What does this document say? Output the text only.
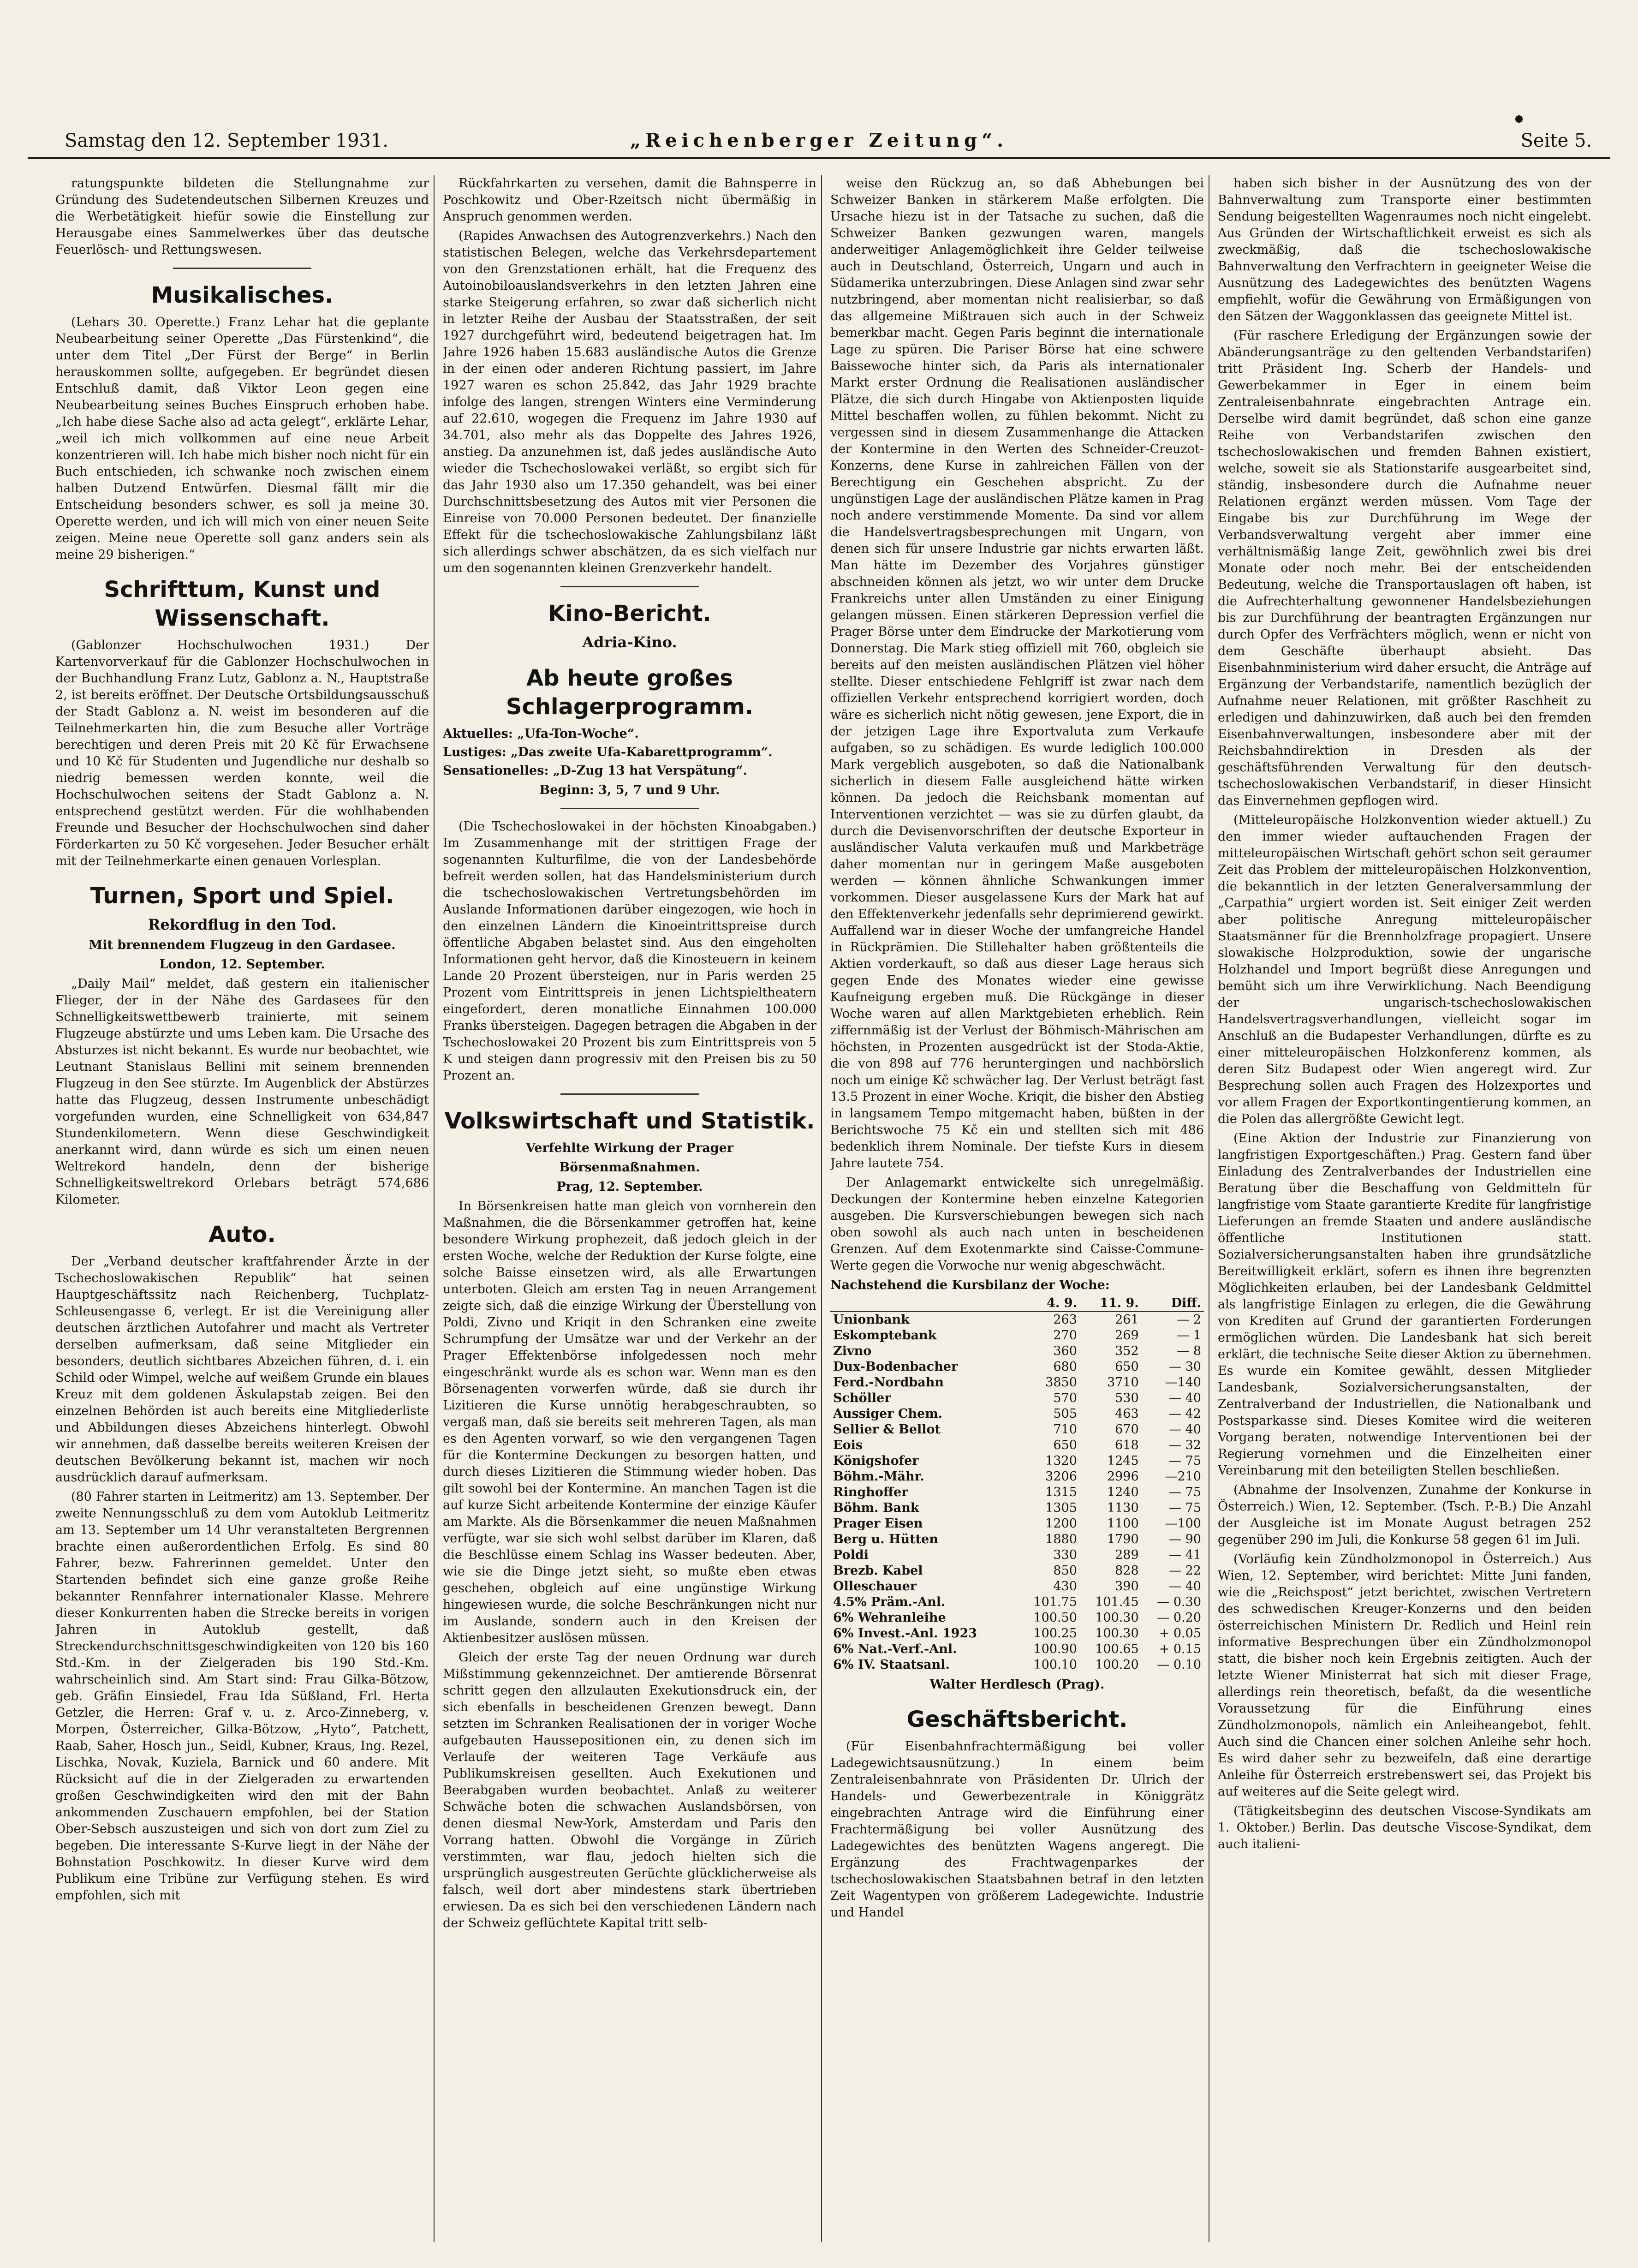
Samstag den 12. September 1931.	„Reichenberger Zeitung“.	Seite 5.

ratungspunkte bildeten die Stellungnahme zur Gründung des Sudetendeutschen Silbernen Kreuzes und die Werbetätigkeit hiefür sowie die Einstellung zur Herausgabe eines Sammelwerkes über das deutsche Feuerlösch- und Rettungswesen.

Musikalisches.

(Lehars 30. Operette.) Franz Lehar hat die geplante Neubearbeitung seiner Operette „Das Fürstenkind“, die unter dem Titel „Der Fürst der Berge“ in Berlin herauskommen sollte, aufgegeben. Er begründet diesen Entschluß damit, daß Viktor Leon gegen eine Neubearbeitung seines Buches Einspruch erhoben habe. „Ich habe diese Sache also ad acta gelegt“, erklärte Lehar, „weil ich mich vollkommen auf eine neue Arbeit konzentrieren will. Ich habe mich bisher noch nicht für ein Buch entschieden, ich schwanke noch zwischen einem halben Dutzend Entwürfen. Diesmal fällt mir die Entscheidung besonders schwer, es soll ja meine 30. Operette werden, und ich will mich von einer neuen Seite zeigen. Meine neue Operette soll ganz anders sein als meine 29 bisherigen.“

Schrifttum, Kunst und Wissenschaft.

(Gablonzer Hochschulwochen 1931.) Der Kartenvorverkauf für die Gablonzer Hochschulwochen in der Buchhandlung Franz Lutz, Gablonz a. N., Hauptstraße 2, ist bereits eröffnet. Der Deutsche Ortsbildungsausschuß der Stadt Gablonz a. N. weist im besonderen auf die Teilnehmerkarten hin, die zum Besuche aller Vorträge berechtigen und deren Preis mit 20 Kč für Erwachsene und 10 Kč für Studenten und Jugendliche nur deshalb so niedrig bemessen werden konnte, weil die Hochschulwochen seitens der Stadt Gablonz a. N. entsprechend gestützt werden. Für die wohlhabenden Freunde und Besucher der Hochschulwochen sind daher Förderkarten zu 50 Kč vorgesehen. Jeder Besucher erhält mit der Teilnehmerkarte einen genauen Vorlesplan.

Turnen, Sport und Spiel.
Rekordflug in den Tod.
Mit brennendem Flugzeug in den Gardasee.
London, 12. September.

„Daily Mail“ meldet, daß gestern ein italienischer Flieger, der in der Nähe des Gardasees für den Schnelligkeitswettbewerb trainierte, mit seinem Flugzeuge abstürzte und ums Leben kam. Die Ursache des Absturzes ist nicht bekannt. Es wurde nur beobachtet, wie Leutnant Stanislaus Bellini mit seinem brennenden Flugzeug in den See stürzte. Im Augenblick der Abstürzes hatte das Flugzeug, dessen Instrumente unbeschädigt vorgefunden wurden, eine Schnelligkeit von 634,847 Stundenkilometern. Wenn diese Geschwindigkeit anerkannt wird, dann würde es sich um einen neuen Weltrekord handeln, denn der bisherige Schnelligkeitsweltrekord Orlebars beträgt 574,686 Kilometer.

Auto.

Der „Verband deutscher kraftfahrender Ärzte in der Tschechoslowakischen Republik“ hat seinen Hauptgeschäftssitz nach Reichenberg, Tuchplatz-Schleusengasse 6, verlegt. Er ist die Vereinigung aller deutschen ärztlichen Autofahrer und macht als Vertreter derselben aufmerksam, daß seine Mitglieder ein besonders, deutlich sichtbares Abzeichen führen, d. i. ein Schild oder Wimpel, welche auf weißem Grunde ein blaues Kreuz mit dem goldenen Äskulapstab zeigen. Bei den einzelnen Behörden ist auch bereits eine Mitgliederliste und Abbildungen dieses Abzeichens hinterlegt. Obwohl wir annehmen, daß dasselbe bereits weiteren Kreisen der deutschen Bevölkerung bekannt ist, machen wir noch ausdrücklich darauf aufmerksam.

(80 Fahrer starten in Leitmeritz) am 13. September. Der zweite Nennungsschluß zu dem vom Autoklub Leitmeritz am 13. September um 14 Uhr veranstalteten Bergrennen brachte einen außerordentlichen Erfolg. Es sind 80 Fahrer, bezw. Fahrerinnen gemeldet. Unter den Startenden befindet sich eine ganze große Reihe bekannter Rennfahrer internationaler Klasse. Mehrere dieser Konkurrenten haben die Strecke bereits in vorigen Jahren in Autoklub gestellt, daß Streckendurchschnittsgeschwindigkeiten von 120 bis 160 Std.-Km. in der Zielgeraden bis 190 Std.-Km. wahrscheinlich sind. Am Start sind: Frau Gilka-Bötzow, geb. Gräfin Einsiedel, Frau Ida Süßland, Frl. Herta Getzler, die Herren: Graf v. u. z. Arco-Zinneberg, v. Morpen, Österreicher, Gilka-Bötzow, „Hyto“, Patchett, Raab, Saher, Hosch jun., Seidl, Kubner, Kraus, Ing. Rezel, Lischka, Novak, Kuziela, Barnick und 60 andere. Mit Rücksicht auf die in der Zielgeraden zu erwartenden großen Geschwindigkeiten wird den mit der Bahn ankommenden Zuschauern empfohlen, bei der Station Ober-Sebsch auszusteigen und sich von dort zum Ziel zu begeben. Die interessante S-Kurve liegt in der Nähe der Bohnstation Poschkowitz. In dieser Kurve wird dem Publikum eine Tribüne zur Verfügung stehen. Es wird empfohlen, sich mit

Rückfahrkarten zu versehen, damit die Bahnsperre in Poschkowitz und Ober-Rzeitsch nicht übermäßig in Anspruch genommen werden.

(Rapides Anwachsen des Autogrenzverkehrs.) Nach den statistischen Belegen, welche das Verkehrsdepartement von den Grenzstationen erhält, hat die Frequenz des Autoinobiloauslandsverkehrs in den letzten Jahren eine starke Steigerung erfahren, so zwar daß sicherlich nicht in letzter Reihe der Ausbau der Staatsstraßen, der seit 1927 durchgeführt wird, bedeutend beigetragen hat. Im Jahre 1926 haben 15.683 ausländische Autos die Grenze in der einen oder anderen Richtung passiert, im Jahre 1927 waren es schon 25.842, das Jahr 1929 brachte infolge des langen, strengen Winters eine Verminderung auf 22.610, wogegen die Frequenz im Jahre 1930 auf 34.701, also mehr als das Doppelte des Jahres 1926, anstieg. Da anzunehmen ist, daß jedes ausländische Auto wieder die Tschechoslowakei verläßt, so ergibt sich für das Jahr 1930 also um 17.350 gehandelt, was bei einer Durchschnittsbesetzung des Autos mit vier Personen die Einreise von 70.000 Personen bedeutet. Der finanzielle Effekt für die tschechoslowakische Zahlungsbilanz läßt sich allerdings schwer abschätzen, da es sich vielfach nur um den sogenannten kleinen Grenzverkehr handelt.

Kino-Bericht.
Adria-Kino.
Ab heute großes Schlagerprogramm.

Aktuelles: „Ufa-Ton-Woche“.

Lustiges: „Das zweite Ufa-Kabarettprogramm“.

Sensationelles: „D-Zug 13 hat Verspätung“.

Beginn: 3, 5, 7 und 9 Uhr.

(Die Tschechoslowakei in der höchsten Kinoabgaben.) Im Zusammenhange mit der strittigen Frage der sogenannten Kulturfilme, die von der Landesbehörde befreit werden sollen, hat das Handelsministerium durch die tschechoslowakischen Vertretungsbehörden im Auslande Informationen darüber eingezogen, wie hoch in den einzelnen Ländern die Kinoeintrittspreise durch öffentliche Abgaben belastet sind. Aus den eingeholten Informationen geht hervor, daß die Kinosteuern in keinem Lande 20 Prozent übersteigen, nur in Paris werden 25 Prozent vom Eintrittspreis in jenen Lichtspieltheatern eingefordert, deren monatliche Einnahmen 100.000 Franks übersteigen. Dagegen betragen die Abgaben in der Tschechoslowakei 20 Prozent bis zum Eintrittspreis von 5 K und steigen dann progressiv mit den Preisen bis zu 50 Prozent an.

Volkswirtschaft und Statistik.
Verfehlte Wirkung der Prager
Börsenmaßnahmen.
Prag, 12. September.

In Börsenkreisen hatte man gleich von vornherein den Maßnahmen, die die Börsenkammer getroffen hat, keine besondere Wirkung prophezeit, daß jedoch gleich in der ersten Woche, welche der Reduktion der Kurse folgte, eine solche Baisse einsetzen wird, als alle Erwartungen unterboten. Gleich am ersten Tag in neuen Arrangement zeigte sich, daß die einzige Wirkung der Überstellung von Poldi, Zivno und Kriqit in den Schranken eine zweite Schrumpfung der Umsätze war und der Verkehr an der Prager Effektenbörse infolgedessen noch mehr eingeschränkt wurde als es schon war. Wenn man es den Börsenagenten vorwerfen würde, daß sie durch ihr Lizitieren die Kurse unnötig herabgeschraubten, so vergaß man, daß sie bereits seit mehreren Tagen, als man es den Agenten vorwarf, so wie den vergangenen Tagen für die Kontermine Deckungen zu besorgen hatten, und durch dieses Lizitieren die Stimmung wieder hoben. Das gilt sowohl bei der Kontermine. An manchen Tagen ist die auf kurze Sicht arbeitende Kontermine der einzige Käufer am Markte. Als die Börsenkammer die neuen Maßnahmen verfügte, war sie sich wohl selbst darüber im Klaren, daß die Beschlüsse einem Schlag ins Wasser bedeuten. Aber, wie sie die Dinge jetzt sieht, so mußte eben etwas geschehen, obgleich auf eine ungünstige Wirkung hingewiesen wurde, die solche Beschränkungen nicht nur im Auslande, sondern auch in den Kreisen der Aktienbesitzer auslösen müssen.

Gleich der erste Tag der neuen Ordnung war durch Mißstimmung gekennzeichnet. Der amtierende Börsenrat schritt gegen den allzulauten Exekutionsdruck ein, der sich ebenfalls in bescheidenen Grenzen bewegt. Dann setzten im Schranken Realisationen der in voriger Woche aufgebauten Haussepositionen ein, zu denen sich im Verlaufe der weiteren Tage Verkäufe aus Publikumskreisen gesellten. Auch Exekutionen und Beerabgaben wurden beobachtet. Anlaß zu weiterer Schwäche boten die schwachen Auslandsbörsen, von denen diesmal New-York, Amsterdam und Paris den Vorrang hatten. Obwohl die Vorgänge in Zürich verstimmten, war flau, jedoch hielten sich die ursprünglich ausgestreuten Gerüchte glücklicherweise als falsch, weil dort aber mindestens stark übertrieben erwiesen. Da es sich bei den verschiedenen Ländern nach der Schweiz geflüchtete Kapital tritt selb-

weise den Rückzug an, so daß Abhebungen bei Schweizer Banken in stärkerem Maße erfolgten. Die Ursache hiezu ist in der Tatsache zu suchen, daß die Schweizer Banken gezwungen waren, mangels anderweitiger Anlagemöglichkeit ihre Gelder teilweise auch in Deutschland, Österreich, Ungarn und auch in Südamerika unterzubringen. Diese Anlagen sind zwar sehr nutzbringend, aber momentan nicht realisierbar, so daß das allgemeine Mißtrauen sich auch in der Schweiz bemerkbar macht. Gegen Paris beginnt die internationale Lage zu spüren. Die Pariser Börse hat eine schwere Baissewoche hinter sich, da Paris als internationaler Markt erster Ordnung die Realisationen ausländischer Plätze, die sich durch Hingabe von Aktienposten liquide Mittel beschaffen wollen, zu fühlen bekommt. Nicht zu vergessen sind in diesem Zusammenhange die Attacken der Kontermine in den Werten des Schneider-Creuzot-Konzerns, dene Kurse in zahlreichen Fällen von der Berechtigung ein Geschehen abspricht. Zu der ungünstigen Lage der ausländischen Plätze kamen in Prag noch andere verstimmende Momente. Da sind vor allem die Handelsvertragsbesprechungen mit Ungarn, von denen sich für unsere Industrie gar nichts erwarten läßt. Man hätte im Dezember des Vorjahres günstiger abschneiden können als jetzt, wo wir unter dem Drucke Frankreichs unter allen Umständen zu einer Einigung gelangen müssen. Einen stärkeren Depression verfiel die Prager Börse unter dem Eindrucke der Markotierung vom Donnerstag. Die Mark stieg offiziell mit 760, obgleich sie bereits auf den meisten ausländischen Plätzen viel höher stellte. Dieser entschiedene Fehlgriff ist zwar nach dem offiziellen Verkehr entsprechend korrigiert worden, doch wäre es sicherlich nicht nötig gewesen, jene Export, die in der jetzigen Lage ihre Exportvaluta zum Verkaufe aufgaben, so zu schädigen. Es wurde lediglich 100.000 Mark vergeblich ausgeboten, so daß die Nationalbank sicherlich in diesem Falle ausgleichend hätte wirken können. Da jedoch die Reichsbank momentan auf Interventionen verzichtet — was sie zu dürfen glaubt, da durch die Devisenvorschriften der deutsche Exporteur in ausländischer Valuta verkaufen muß und Markbeträge daher momentan nur in geringem Maße ausgeboten werden — können ähnliche Schwankungen immer vorkommen. Dieser ausgelassene Kurs der Mark hat auf den Effektenverkehr jedenfalls sehr deprimierend gewirkt. Auffallend war in dieser Woche der umfangreiche Handel in Rückprämien. Die Stillehalter haben größtenteils die Aktien vorderkauft, so daß aus dieser Lage heraus sich gegen Ende des Monates wieder eine gewisse Kaufneigung ergeben muß. Die Rückgänge in dieser Woche waren auf allen Marktgebieten erheblich. Rein ziffernmäßig ist der Verlust der Böhmisch-Mährischen am höchsten, in Prozenten ausgedrückt ist der Stoda-Aktie, die von 898 auf 776 heruntergingen und nachbörslich noch um einige Kč schwächer lag. Der Verlust beträgt fast 13.5 Prozent in einer Woche. Kriqit, die bisher den Abstieg in langsamem Tempo mitgemacht haben, büßten in der Berichtswoche 75 Kč ein und stellten sich mit 486 bedenklich ihrem Nominale. Der tiefste Kurs in diesem Jahre lautete 754.

Der Anlagemarkt entwickelte sich unregelmäßig. Deckungen der Kontermine heben einzelne Kategorien ausgeben. Die Kursverschiebungen bewegen sich nach oben sowohl als auch nach unten in bescheidenen Grenzen. Auf dem Exotenmarkte sind Caisse-Commune-Werte gegen die Vorwoche nur wenig abgeschwächt.

Nachstehend die Kursbilanz der Woche:

	4. 9.	11. 9.	Diff.
Unionbank	263	261	— 2
Eskomptebank	270	269	— 1
Zivno	360	352	— 8
Dux-Bodenbacher	680	650	— 30
Ferd.-Nordbahn	3850	3710	—140
Schöller	570	530	— 40
Aussiger Chem.	505	463	— 42
Sellier & Bellot	710	670	— 40
Eois	650	618	— 32
Königshofer	1320	1245	— 75
Böhm.-Mähr.	3206	2996	—210
Ringhoffer	1315	1240	— 75
Böhm. Bank	1305	1130	— 75
Prager Eisen	1200	1100	—100
Berg u. Hütten	1880	1790	— 90
Poldi	330	289	— 41
Brezb. Kabel	850	828	— 22
Olleschauer	430	390	— 40
4.5% Präm.-Anl.	101.75	101.45	— 0.30
6% Wehranleihe	100.50	100.30	— 0.20
6% Invest.-Anl. 1923	100.25	100.30	+ 0.05
6% Nat.-Verf.-Anl.	100.90	100.65	+ 0.15
6% IV. Staatsanl.	100.10	100.20	— 0.10
Walter Herdlesch (Prag).
Geschäftsbericht.

(Für Eisenbahnfrachtermäßigung bei voller Ladegewichtsausnützung.) In einem beim Zentraleisenbahnrate von Präsidenten Dr. Ulrich der Handels- und Gewerbezentrale in Königgrätz eingebrachten Antrage wird die Einführung einer Frachtermäßigung bei voller Ausnützung des Ladegewichtes des benützten Wagens angeregt. Die Ergänzung des Frachtwagenparkes der tschechoslowakischen Staatsbahnen betraf in den letzten Zeit Wagentypen von größerem Ladegewichte. Industrie und Handel

haben sich bisher in der Ausnützung des von der Bahnverwaltung zum Transporte einer bestimmten Sendung beigestellten Wagenraumes noch nicht eingelebt. Aus Gründen der Wirtschaftlichkeit erweist es sich als zweckmäßig, daß die tschechoslowakische Bahnverwaltung den Verfrachtern in geeigneter Weise die Ausnützung des Ladegewichtes des benützten Wagens empfiehlt, wofür die Gewährung von Ermäßigungen von den Sätzen der Waggonklassen das geeignete Mittel ist.

(Für raschere Erledigung der Ergänzungen sowie der Abänderungsanträge zu den geltenden Verbandstarifen) tritt Präsident Ing. Scherb der Handels- und Gewerbekammer in Eger in einem beim Zentraleisenbahnrate eingebrachten Antrage ein. Derselbe wird damit begründet, daß schon eine ganze Reihe von Verbandstarifen zwischen den tschechoslowakischen und fremden Bahnen existiert, welche, soweit sie als Stationstarife ausgearbeitet sind, ständig, insbesondere durch die Aufnahme neuer Relationen ergänzt werden müssen. Vom Tage der Eingabe bis zur Durchführung im Wege der Verbandsverwaltung vergeht aber immer eine verhältnismäßig lange Zeit, gewöhnlich zwei bis drei Monate oder noch mehr. Bei der entscheidenden Bedeutung, welche die Transportauslagen oft haben, ist die Aufrechterhaltung gewonnener Handelsbeziehungen bis zur Durchführung der beantragten Ergänzungen nur durch Opfer des Verfrächters möglich, wenn er nicht von dem Geschäfte überhaupt absieht. Das Eisenbahnministerium wird daher ersucht, die Anträge auf Ergänzung der Verbandstarife, namentlich bezüglich der Aufnahme neuer Relationen, mit größter Raschheit zu erledigen und dahinzuwirken, daß auch bei den fremden Eisenbahnverwaltungen, insbesondere aber mit der Reichsbahndirektion in Dresden als der geschäftsführenden Verwaltung für den deutsch-tschechoslowakischen Verbandstarif, in dieser Hinsicht das Einvernehmen gepflogen wird.

(Mitteleuropäische Holzkonvention wieder aktuell.) Zu den immer wieder auftauchenden Fragen der mitteleuropäischen Wirtschaft gehört schon seit geraumer Zeit das Problem der mitteleuropäischen Holzkonvention, die bekanntlich in der letzten Generalversammlung der „Carpathia“ urgiert worden ist. Seit einiger Zeit werden aber politische Anregung mitteleuropäischer Staatsmänner für die Brennholzfrage propagiert. Unsere slowakische Holzproduktion, sowie der ungarische Holzhandel und Import begrüßt diese Anregungen und bemüht sich um ihre Verwirklichung. Nach Beendigung der ungarisch-tschechoslowakischen Handelsvertragsverhandlungen, vielleicht sogar im Anschluß an die Budapester Verhandlungen, dürfte es zu einer mitteleuropäischen Holzkonferenz kommen, als deren Sitz Budapest oder Wien angeregt wird. Zur Besprechung sollen auch Fragen des Holzexportes und vor allem Fragen der Exportkontingentierung kommen, an die Polen das allergrößte Gewicht legt.

(Eine Aktion der Industrie zur Finanzierung von langfristigen Exportgeschäften.) Prag. Gestern fand über Einladung des Zentralverbandes der Industriellen eine Beratung über die Beschaffung von Geldmitteln für langfristige vom Staate garantierte Kredite für langfristige Lieferungen an fremde Staaten und andere ausländische öffentliche Institutionen statt. Sozialversicherungsanstalten haben ihre grundsätzliche Bereitwilligkeit erklärt, sofern es ihnen ihre begrenzten Möglichkeiten erlauben, bei der Landesbank Geldmittel als langfristige Einlagen zu erlegen, die die Gewährung von Krediten auf Grund der garantierten Forderungen ermöglichen würden. Die Landesbank hat sich bereit erklärt, die technische Seite dieser Aktion zu übernehmen. Es wurde ein Komitee gewählt, dessen Mitglieder Landesbank, Sozialversicherungsanstalten, der Zentralverband der Industriellen, die Nationalbank und Postsparkasse sind. Dieses Komitee wird die weiteren Vorgang beraten, notwendige Interventionen bei der Regierung vornehmen und die Einzelheiten einer Vereinbarung mit den beteiligten Stellen beschließen.

(Abnahme der Insolvenzen, Zunahme der Konkurse in Österreich.) Wien, 12. September. (Tsch. P.-B.) Die Anzahl der Ausgleiche ist im Monate August betragen 252 gegenüber 290 im Juli, die Konkurse 58 gegen 61 im Juli.

(Vorläufig kein Zündholzmonopol in Österreich.) Aus Wien, 12. September, wird berichtet: Mitte Juni fanden, wie die „Reichspost“ jetzt berichtet, zwischen Vertretern des schwedischen Kreuger-Konzerns und den beiden österreichischen Ministern Dr. Redlich und Heinl rein informative Besprechungen über ein Zündholzmonopol statt, die bisher noch kein Ergebnis zeitigten. Auch der letzte Wiener Ministerrat hat sich mit dieser Frage, allerdings rein theoretisch, befaßt, da die wesentliche Voraussetzung für die Einführung eines Zündholzmonopols, nämlich ein Anleiheangebot, fehlt. Auch sind die Chancen einer solchen Anleihe sehr hoch. Es wird daher sehr zu bezweifeln, daß eine derartige Anleihe für Österreich erstrebenswert sei, das Projekt bis auf weiteres auf die Seite gelegt wird.

(Tätigkeitsbeginn des deutschen Viscose-Syndikats am 1. Oktober.) Berlin. Das deutsche Viscose-Syndikat, dem auch italieni-
